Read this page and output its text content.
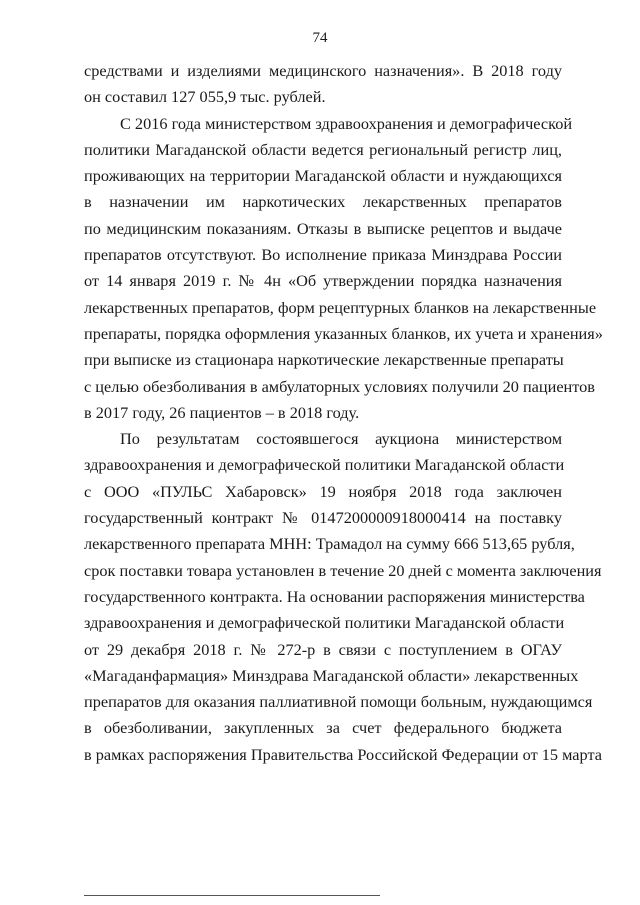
74
средствами и изделиями медицинского назначения». В 2018 году
он составил 127 055,9 тыс. рублей.
С 2016 года министерством здравоохранения и демографической
политики Магаданской области ведется региональный регистр лиц,
проживающих на территории Магаданской области и нуждающихся
в назначении им наркотических лекарственных препаратов
по медицинским показаниям. Отказы в выписке рецептов и выдаче
препаратов отсутствуют. Во исполнение приказа Минздрава России
от 14 января 2019 г. № 4н «Об утверждении порядка назначения
лекарственных препаратов, форм рецептурных бланков на лекарственные
препараты, порядка оформления указанных бланков, их учета и хранения»
при выписке из стационара наркотические лекарственные препараты
с целью обезболивания в амбулаторных условиях получили 20 пациентов
в 2017 году, 26 пациентов – в 2018 году.
По результатам состоявшегося аукциона министерством
здравоохранения и демографической политики Магаданской области
с ООО «ПУЛЬС Хабаровск» 19 ноября 2018 года заключен
государственный контракт № 0147200000918000414 на поставку
лекарственного препарата МНН: Трамадол на сумму 666 513,65 рубля,
срок поставки товара установлен в течение 20 дней с момента заключения
государственного контракта. На основании распоряжения министерства
здравоохранения и демографической политики Магаданской области
от 29 декабря 2018 г. № 272-р в связи с поступлением в ОГАУ
«Магаданфармация» Минздрава Магаданской области» лекарственных
препаратов для оказания паллиативной помощи больным, нуждающимся
в обезболивании, закупленных за счет федерального бюджета
в рамках распоряжения Правительства Российской Федерации от 15 марта
